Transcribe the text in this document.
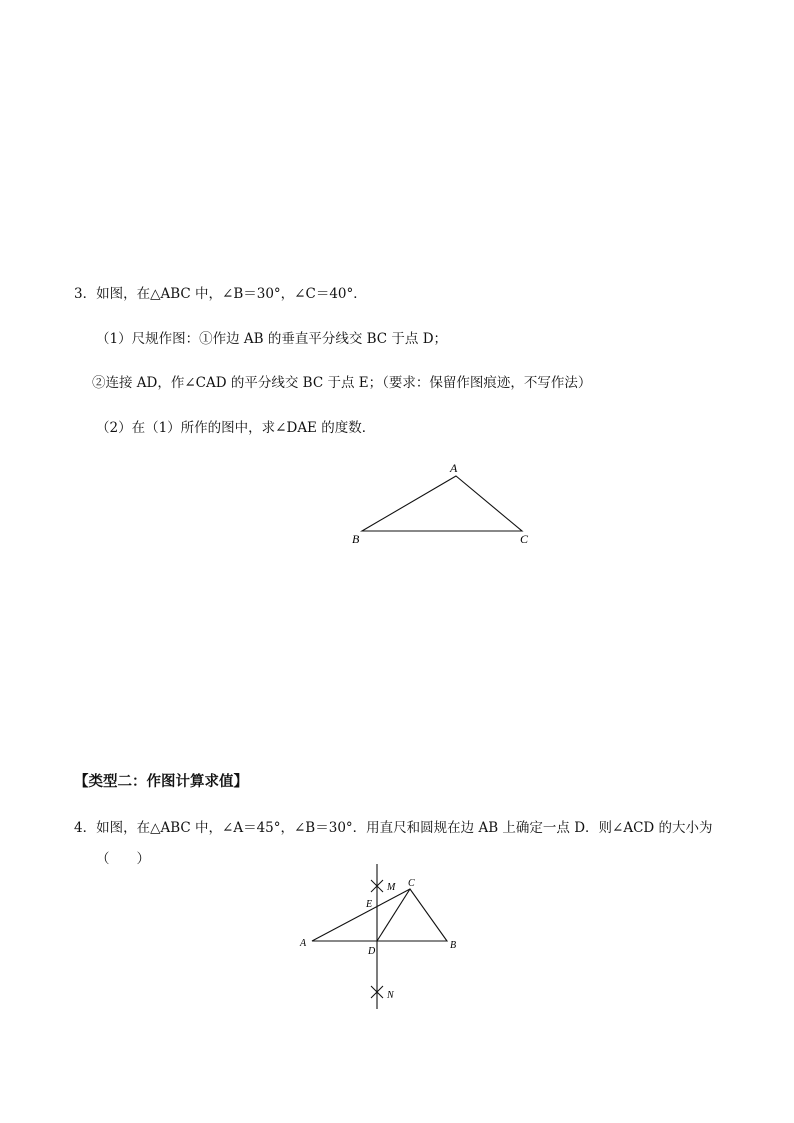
3．如图，在△ABC 中，∠B＝30°，∠C＝40°．
（1）尺规作图：①作边 AB 的垂直平分线交 BC 于点 D；
②连接 AD，作∠CAD 的平分线交 BC 于点 E；（要求：保留作图痕迹，不写作法）
（2）在（1）所作的图中，求∠DAE 的度数．
A
B	C
【类型二：作图计算求值】
4．如图，在△ABC 中，∠A＝45°，∠B＝30°．用直尺和圆规在边 AB 上确定一点 D．则∠ACD 的大小为
（　　）
A	B
C
D
E
M
N
